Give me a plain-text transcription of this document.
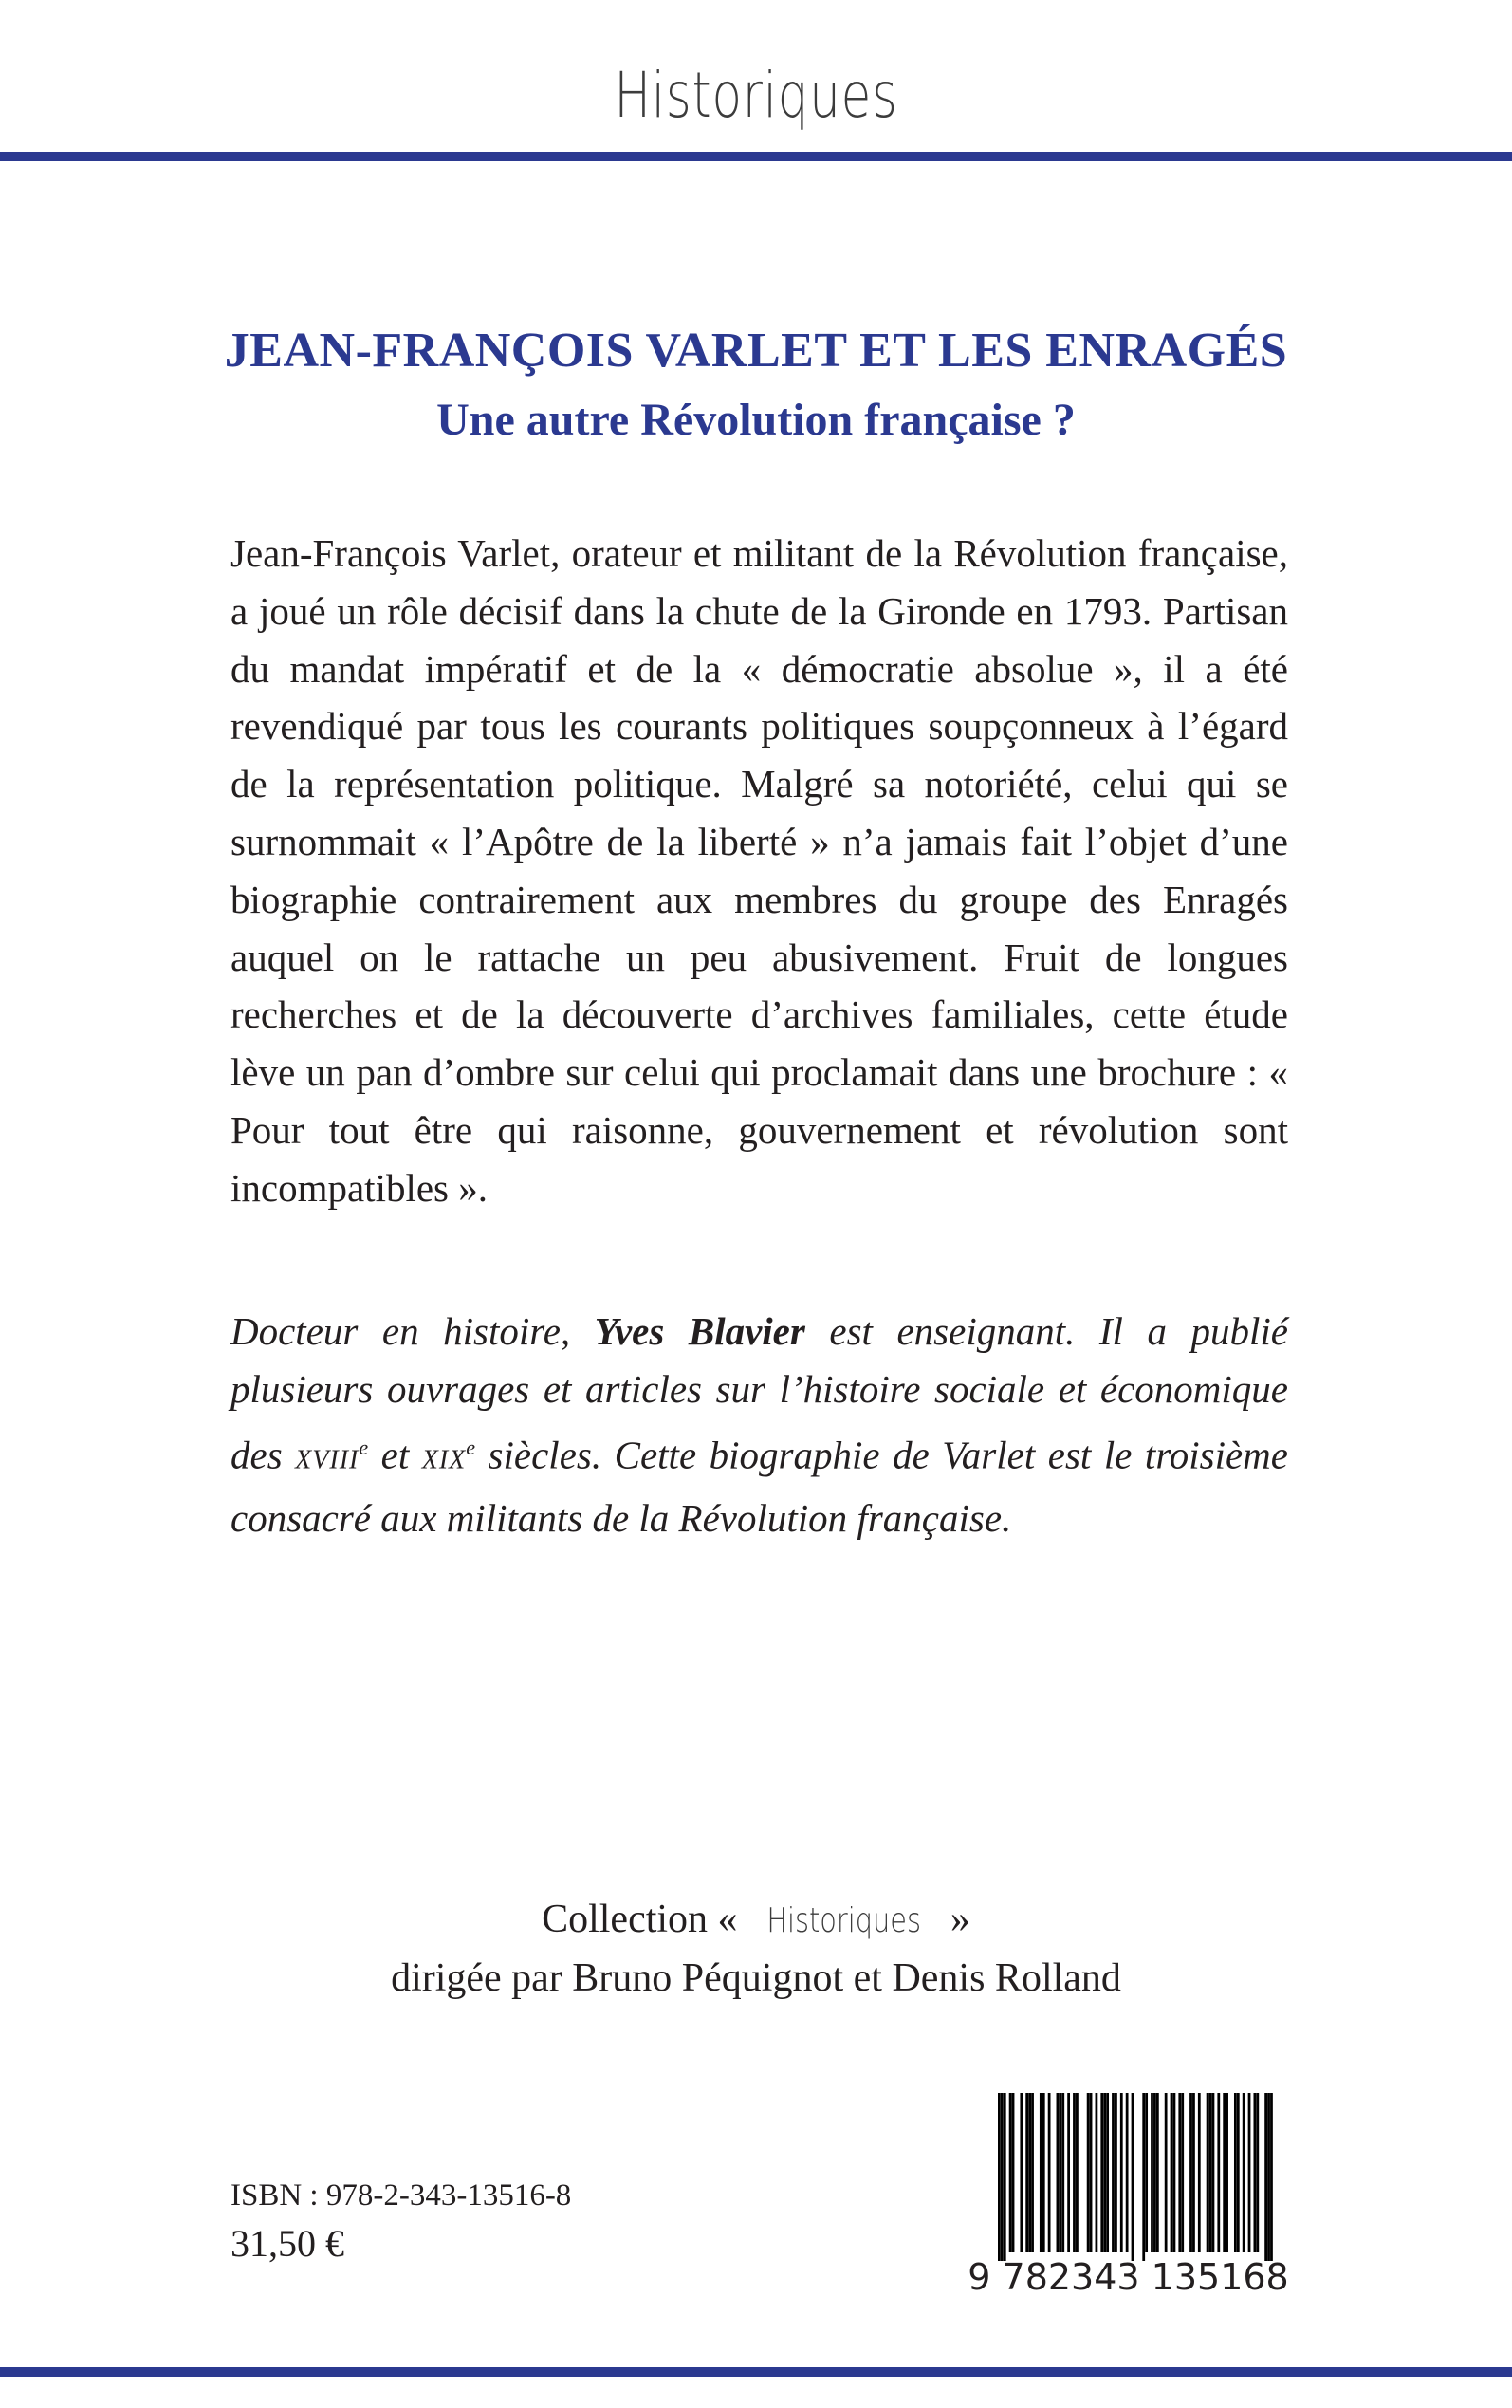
Historiques
JEAN-FRANÇOIS VARLET ET LES ENRAGÉS
Une autre Révolution française ?

Jean-François Varlet, orateur et militant de la Révolution française, a joué un rôle décisif dans la chute de la Gironde en 1793. Partisan du mandat impératif et de la « démocratie absolue », il a été revendiqué par tous les courants politiques soupçonneux à l’égard de la représentation politique. Malgré sa notoriété, celui qui se surnommait « l’Apôtre de la liberté » n’a jamais fait l’objet d’une biographie contrairement aux membres du groupe des Enragés auquel on le rattache un peu abusivement. Fruit de longues recherches et de la découverte d’archives familiales, cette étude lève un pan d’ombre sur celui qui proclamait dans une brochure : « Pour tout être qui raisonne, gouvernement et révolution sont incompatibles ».

Docteur en histoire, Yves Blavier est enseignant. Il a publié plusieurs ouvrages et articles sur l’histoire sociale et économique des XVIIIe et XIXe siècles. Cette biographie de Varlet est le troisième consacré aux militants de la Révolution française.

Collection « Historiques »
dirigée par Bruno Péquignot et Denis Rolland
ISBN : 978-2-343-13516-8
31,50 €
9 782343 135168
